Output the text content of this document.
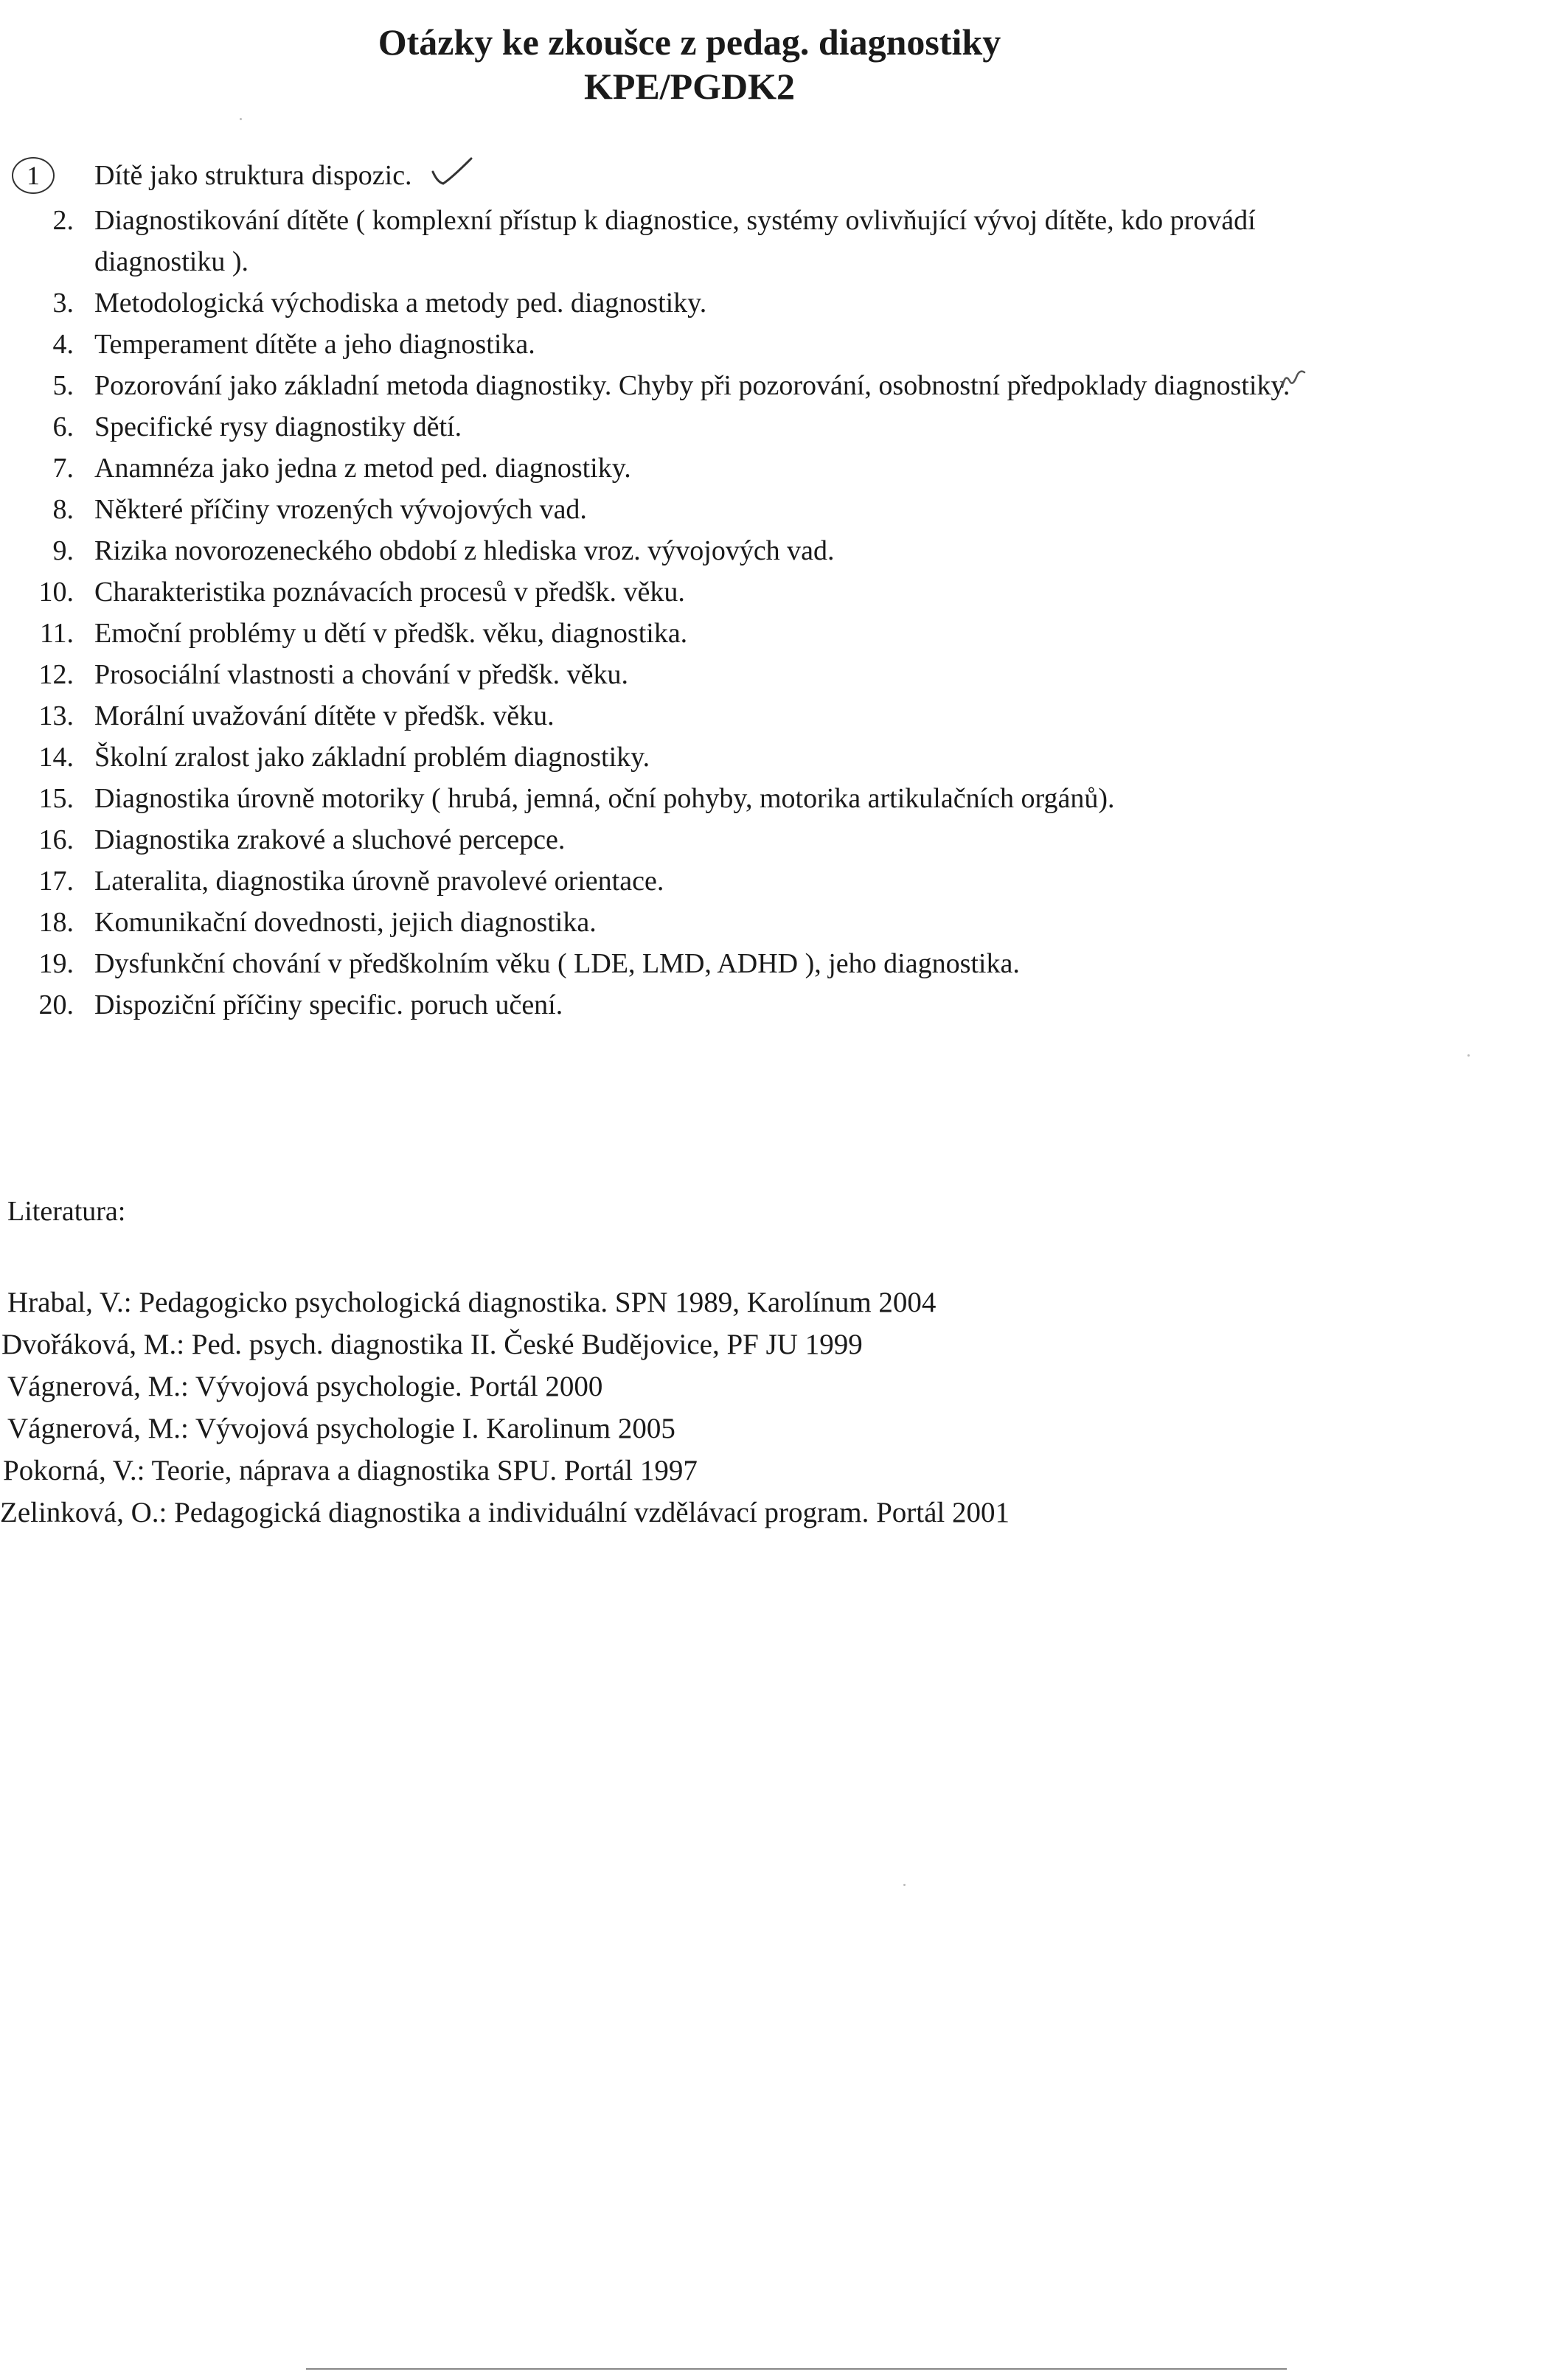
Otázky ke zkoušce z pedag. diagnostiky
KPE/PGDK2
1	Dítě jako struktura dispozic.
2. Diagnostikování dítěte ( komplexní přístup k diagnostice, systémy ovlivňující vývoj dítěte, kdo provádí diagnostiku ).
3. Metodologická východiska a metody ped. diagnostiky.
4. Temperament dítěte a jeho diagnostika.
5. Pozorování jako základní metoda diagnostiky. Chyby při pozorování, osobnostní předpoklady diagnostiky.
6. Specifické rysy diagnostiky dětí.
7. Anamnéza jako jedna z metod ped. diagnostiky.
8. Některé příčiny vrozených vývojových vad.
9. Rizika novorozeneckého období z hlediska vroz. vývojových vad.
10. Charakteristika poznávacích procesů v předšk. věku.
11. Emoční problémy u dětí v předšk. věku, diagnostika.
12. Prosociální vlastnosti a chování v předšk. věku.
13. Morální uvažování dítěte v předšk. věku.
14. Školní zralost jako základní problém diagnostiky.
15. Diagnostika úrovně motoriky ( hrubá, jemná, oční pohyby, motorika artikulačních orgánů).
16. Diagnostika zrakové a sluchové percepce.
17. Lateralita, diagnostika úrovně pravolevé orientace.
18. Komunikační dovednosti, jejich diagnostika.
19. Dysfunkční chování v předškolním věku ( LDE, LMD, ADHD ), jeho diagnostika.
20. Dispoziční příčiny specific. poruch učení.
Literatura:
Hrabal, V.: Pedagogicko psychologická diagnostika. SPN 1989, Karolínum 2004
Dvořáková, M.: Ped. psych. diagnostika II. České Budějovice, PF JU 1999
Vágnerová, M.: Vývojová psychologie. Portál 2000
Vágnerová, M.: Vývojová psychologie I. Karolinum 2005
Pokorná, V.: Teorie, náprava a diagnostika SPU. Portál 1997
Zelinková, O.: Pedagogická diagnostika a individuální vzdělávací program. Portál 2001
